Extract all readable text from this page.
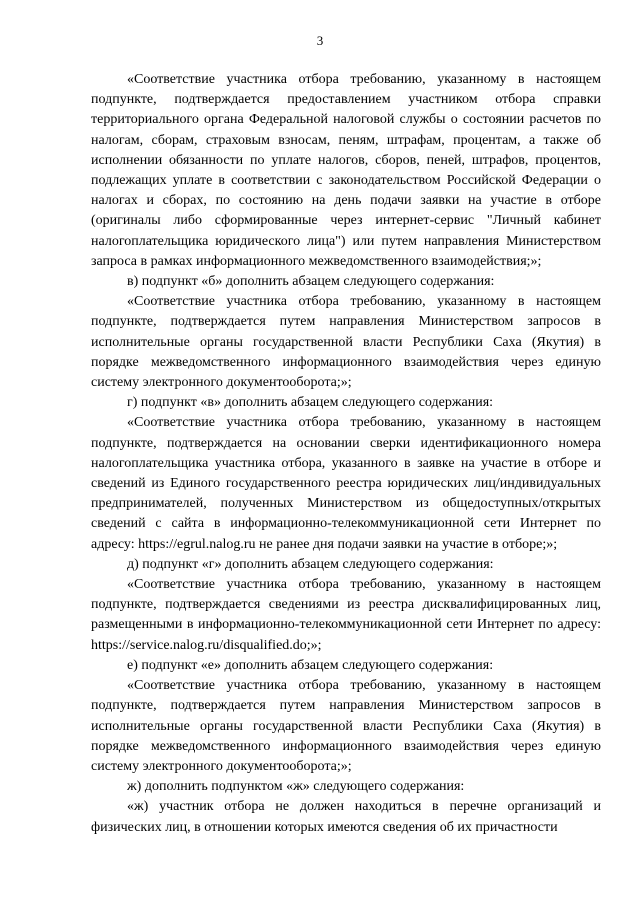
3

«Соответствие участника отбора требованию, указанному в настоящем подпункте, подтверждается предоставлением участником отбора справки территориального органа Федеральной налоговой службы о состоянии расчетов по налогам, сборам, страховым взносам, пеням, штрафам, процентам, а также об исполнении обязанности по уплате налогов, сборов, пеней, штрафов, процентов, подлежащих уплате в соответствии с законодательством Российской Федерации о налогах и сборах, по состоянию на день подачи заявки на участие в отборе (оригиналы либо сформированные через интернет-сервис "Личный кабинет налогоплательщика юридического лица") или путем направления Министерством запроса в рамках информационного межведомственного взаимодействия;»;

в) подпункт «б» дополнить абзацем следующего содержания:

«Соответствие участника отбора требованию, указанному в настоящем подпункте, подтверждается путем направления Министерством запросов в исполнительные органы государственной власти Республики Саха (Якутия) в порядке межведомственного информационного взаимодействия через единую систему электронного документооборота;»;

г) подпункт «в» дополнить абзацем следующего содержания:

«Соответствие участника отбора требованию, указанному в настоящем подпункте, подтверждается на основании сверки идентификационного номера налогоплательщика участника отбора, указанного в заявке на участие в отборе и сведений из Единого государственного реестра юридических лиц/индивидуальных предпринимателей, полученных Министерством из общедоступных/открытых сведений с сайта в информационно-телекоммуникационной сети Интернет по адресу: https://egrul.nalog.ru не ранее дня подачи заявки на участие в отборе;»;

д) подпункт «г» дополнить абзацем следующего содержания:

«Соответствие участника отбора требованию, указанному в настоящем подпункте, подтверждается сведениями из реестра дисквалифицированных лиц, размещенными в информационно-телекоммуникационной сети Интернет по адресу: https://service.nalog.ru/disqualified.do;»;

е) подпункт «е» дополнить абзацем следующего содержания:

«Соответствие участника отбора требованию, указанному в настоящем подпункте, подтверждается путем направления Министерством запросов в исполнительные органы государственной власти Республики Саха (Якутия) в порядке межведомственного информационного взаимодействия через единую систему электронного документооборота;»;

ж) дополнить подпунктом «ж» следующего содержания:

«ж) участник отбора не должен находиться в перечне организаций и физических лиц, в отношении которых имеются сведения об их причастности
